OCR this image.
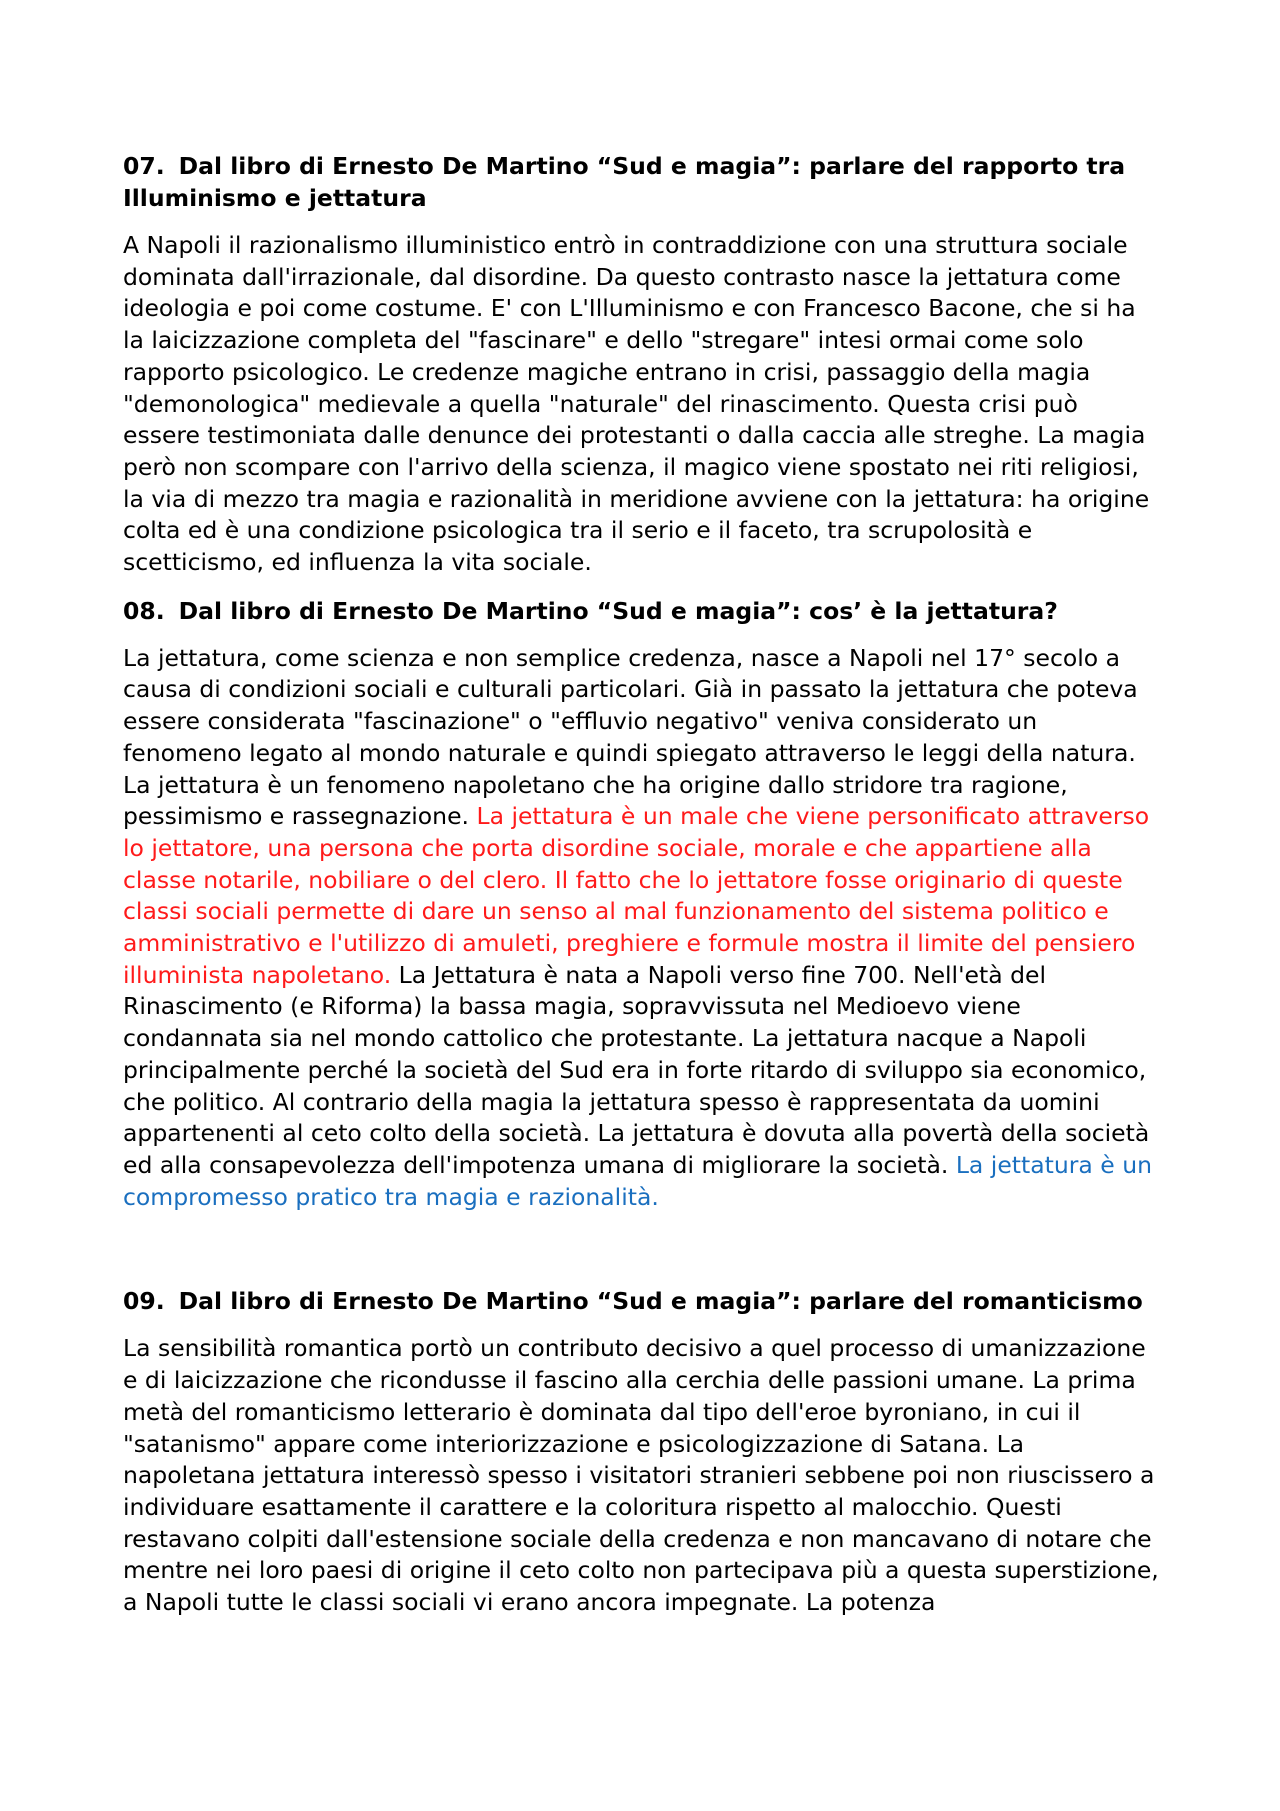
07. Dal libro di Ernesto De Martino “Sud e magia”: parlare del rapporto tra Illuminismo e jettatura

A Napoli il razionalismo illuministico entrò in contraddizione con una struttura sociale dominata dall'irrazionale, dal disordine. Da questo contrasto nasce la jettatura come ideologia e poi come costume. E' con L'Illuminismo e con Francesco Bacone, che si ha la laicizzazione completa del "fascinare" e dello "stregare" intesi ormai come solo rapporto psicologico. Le credenze magiche entrano in crisi, passaggio della magia "demonologica" medievale a quella "naturale" del rinascimento. Questa crisi può essere testimoniata dalle denunce dei protestanti o dalla caccia alle streghe. La magia però non scompare con l'arrivo della scienza, il magico viene spostato nei riti religiosi, la via di mezzo tra magia e razionalità in meridione avviene con la jettatura: ha origine colta ed è una condizione psicologica tra il serio e il faceto, tra scrupolosità e scetticismo, ed influenza la vita sociale.

08. Dal libro di Ernesto De Martino “Sud e magia”: cos’ è la jettatura?

La jettatura, come scienza e non semplice credenza, nasce a Napoli nel 17° secolo a causa di condizioni sociali e culturali particolari. Già in passato la jettatura che poteva essere considerata "fascinazione" o "effluvio negativo" veniva considerato un fenomeno legato al mondo naturale e quindi spiegato attraverso le leggi della natura. La jettatura è un fenomeno napoletano che ha origine dallo stridore tra ragione, pessimismo e rassegnazione. La jettatura è un male che viene personificato attraverso lo jettatore, una persona che porta disordine sociale, morale e che appartiene alla classe notarile, nobiliare o del clero. Il fatto che lo jettatore fosse originario di queste classi sociali permette di dare un senso al mal funzionamento del sistema politico e amministrativo e l'utilizzo di amuleti, preghiere e formule mostra il limite del pensiero illuminista napoletano. La Jettatura è nata a Napoli verso fine 700. Nell'età del Rinascimento (e Riforma) la bassa magia, sopravvissuta nel Medioevo viene condannata sia nel mondo cattolico che protestante. La jettatura nacque a Napoli principalmente perché la società del Sud era in forte ritardo di sviluppo sia economico, che politico. Al contrario della magia la jettatura spesso è rappresentata da uomini appartenenti al ceto colto della società. La jettatura è dovuta alla povertà della società ed alla consapevolezza dell'impotenza umana di migliorare la società. La jettatura è un compromesso pratico tra magia e razionalità.

09. Dal libro di Ernesto De Martino “Sud e magia”: parlare del romanticismo

La sensibilità romantica portò un contributo decisivo a quel processo di umanizzazione e di laicizzazione che ricondusse il fascino alla cerchia delle passioni umane. La prima metà del romanticismo letterario è dominata dal tipo dell'eroe byroniano, in cui il "satanismo" appare come interiorizzazione e psicologizzazione di Satana. La napoletana jettatura interessò spesso i visitatori stranieri sebbene poi non riuscissero a individuare esattamente il carattere e la coloritura rispetto al malocchio. Questi restavano colpiti dall'estensione sociale della credenza e non mancavano di notare che mentre nei loro paesi di origine il ceto colto non partecipava più a questa superstizione, a Napoli tutte le classi sociali vi erano ancora impegnate. La potenza
